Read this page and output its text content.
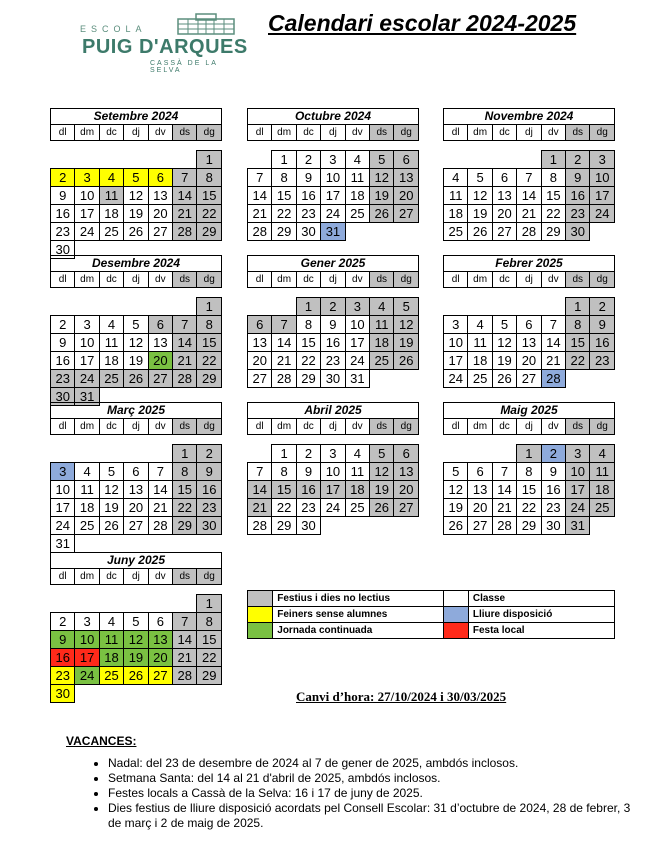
ESCOLA
PUIG D'ARQUES
CASSÀ DE LA SELVA
Calendari escolar 2024-2025
Setembre 2024						
dl	dm	dc	dj	dv	ds	dg

						1
2	3	4	5	6	7	8
9	10	11	12	13	14	15
16	17	18	19	20	21	22
23	24	25	26	27	28	29
30						
Octubre 2024						
dl	dm	dc	dj	dv	ds	dg

	1	2	3	4	5	6
7	8	9	10	11	12	13
14	15	16	17	18	19	20
21	22	23	24	25	26	27
28	29	30	31			
Novembre 2024						
dl	dm	dc	dj	dv	ds	dg

				1	2	3
4	5	6	7	8	9	10
11	12	13	14	15	16	17
18	19	20	21	22	23	24
25	26	27	28	29	30	
Desembre 2024						
dl	dm	dc	dj	dv	ds	dg

						1
2	3	4	5	6	7	8
9	10	11	12	13	14	15
16	17	18	19	20	21	22
23	24	25	26	27	28	29
30	31					
Gener 2025						
dl	dm	dc	dj	dv	ds	dg

		1	2	3	4	5
6	7	8	9	10	11	12
13	14	15	16	17	18	19
20	21	22	23	24	25	26
27	28	29	30	31		
Febrer 2025						
dl	dm	dc	dj	dv	ds	dg

					1	2
3	4	5	6	7	8	9
10	11	12	13	14	15	16
17	18	19	20	21	22	23
24	25	26	27	28		
Març 2025						
dl	dm	dc	dj	dv	ds	dg

					1	2
3	4	5	6	7	8	9
10	11	12	13	14	15	16
17	18	19	20	21	22	23
24	25	26	27	28	29	30
31						
Abril 2025						
dl	dm	dc	dj	dv	ds	dg

	1	2	3	4	5	6
7	8	9	10	11	12	13
14	15	16	17	18	19	20
21	22	23	24	25	26	27
28	29	30				
Maig 2025						
dl	dm	dc	dj	dv	ds	dg

			1	2	3	4
5	6	7	8	9	10	11
12	13	14	15	16	17	18
19	20	21	22	23	24	25
26	27	28	29	30	31	
Juny 2025						
dl	dm	dc	dj	dv	ds	dg

						1
2	3	4	5	6	7	8
9	10	11	12	13	14	15
16	17	18	19	20	21	22
23	24	25	26	27	28	29
30						
	Festius i dies no lectius		Classe
	Feiners sense alumnes		Lliure disposició
	Jornada continuada		Festa local
Canvi d’hora: 27/10/2024 i 30/03/2025
VACANCES:
• Nadal: del 23 de desembre de 2024 al 7 de gener de 2025, ambdós inclosos.
• Setmana Santa: del 14 al 21 d'abril de 2025, ambdós inclosos.
• Festes locals a Cassà de la Selva: 16 i 17 de juny de 2025.
• Dies festius de lliure disposició acordats pel Consell Escolar: 31 d’octubre de 2024, 28 de febrer, 3 de març i 2 de maig de 2025.
